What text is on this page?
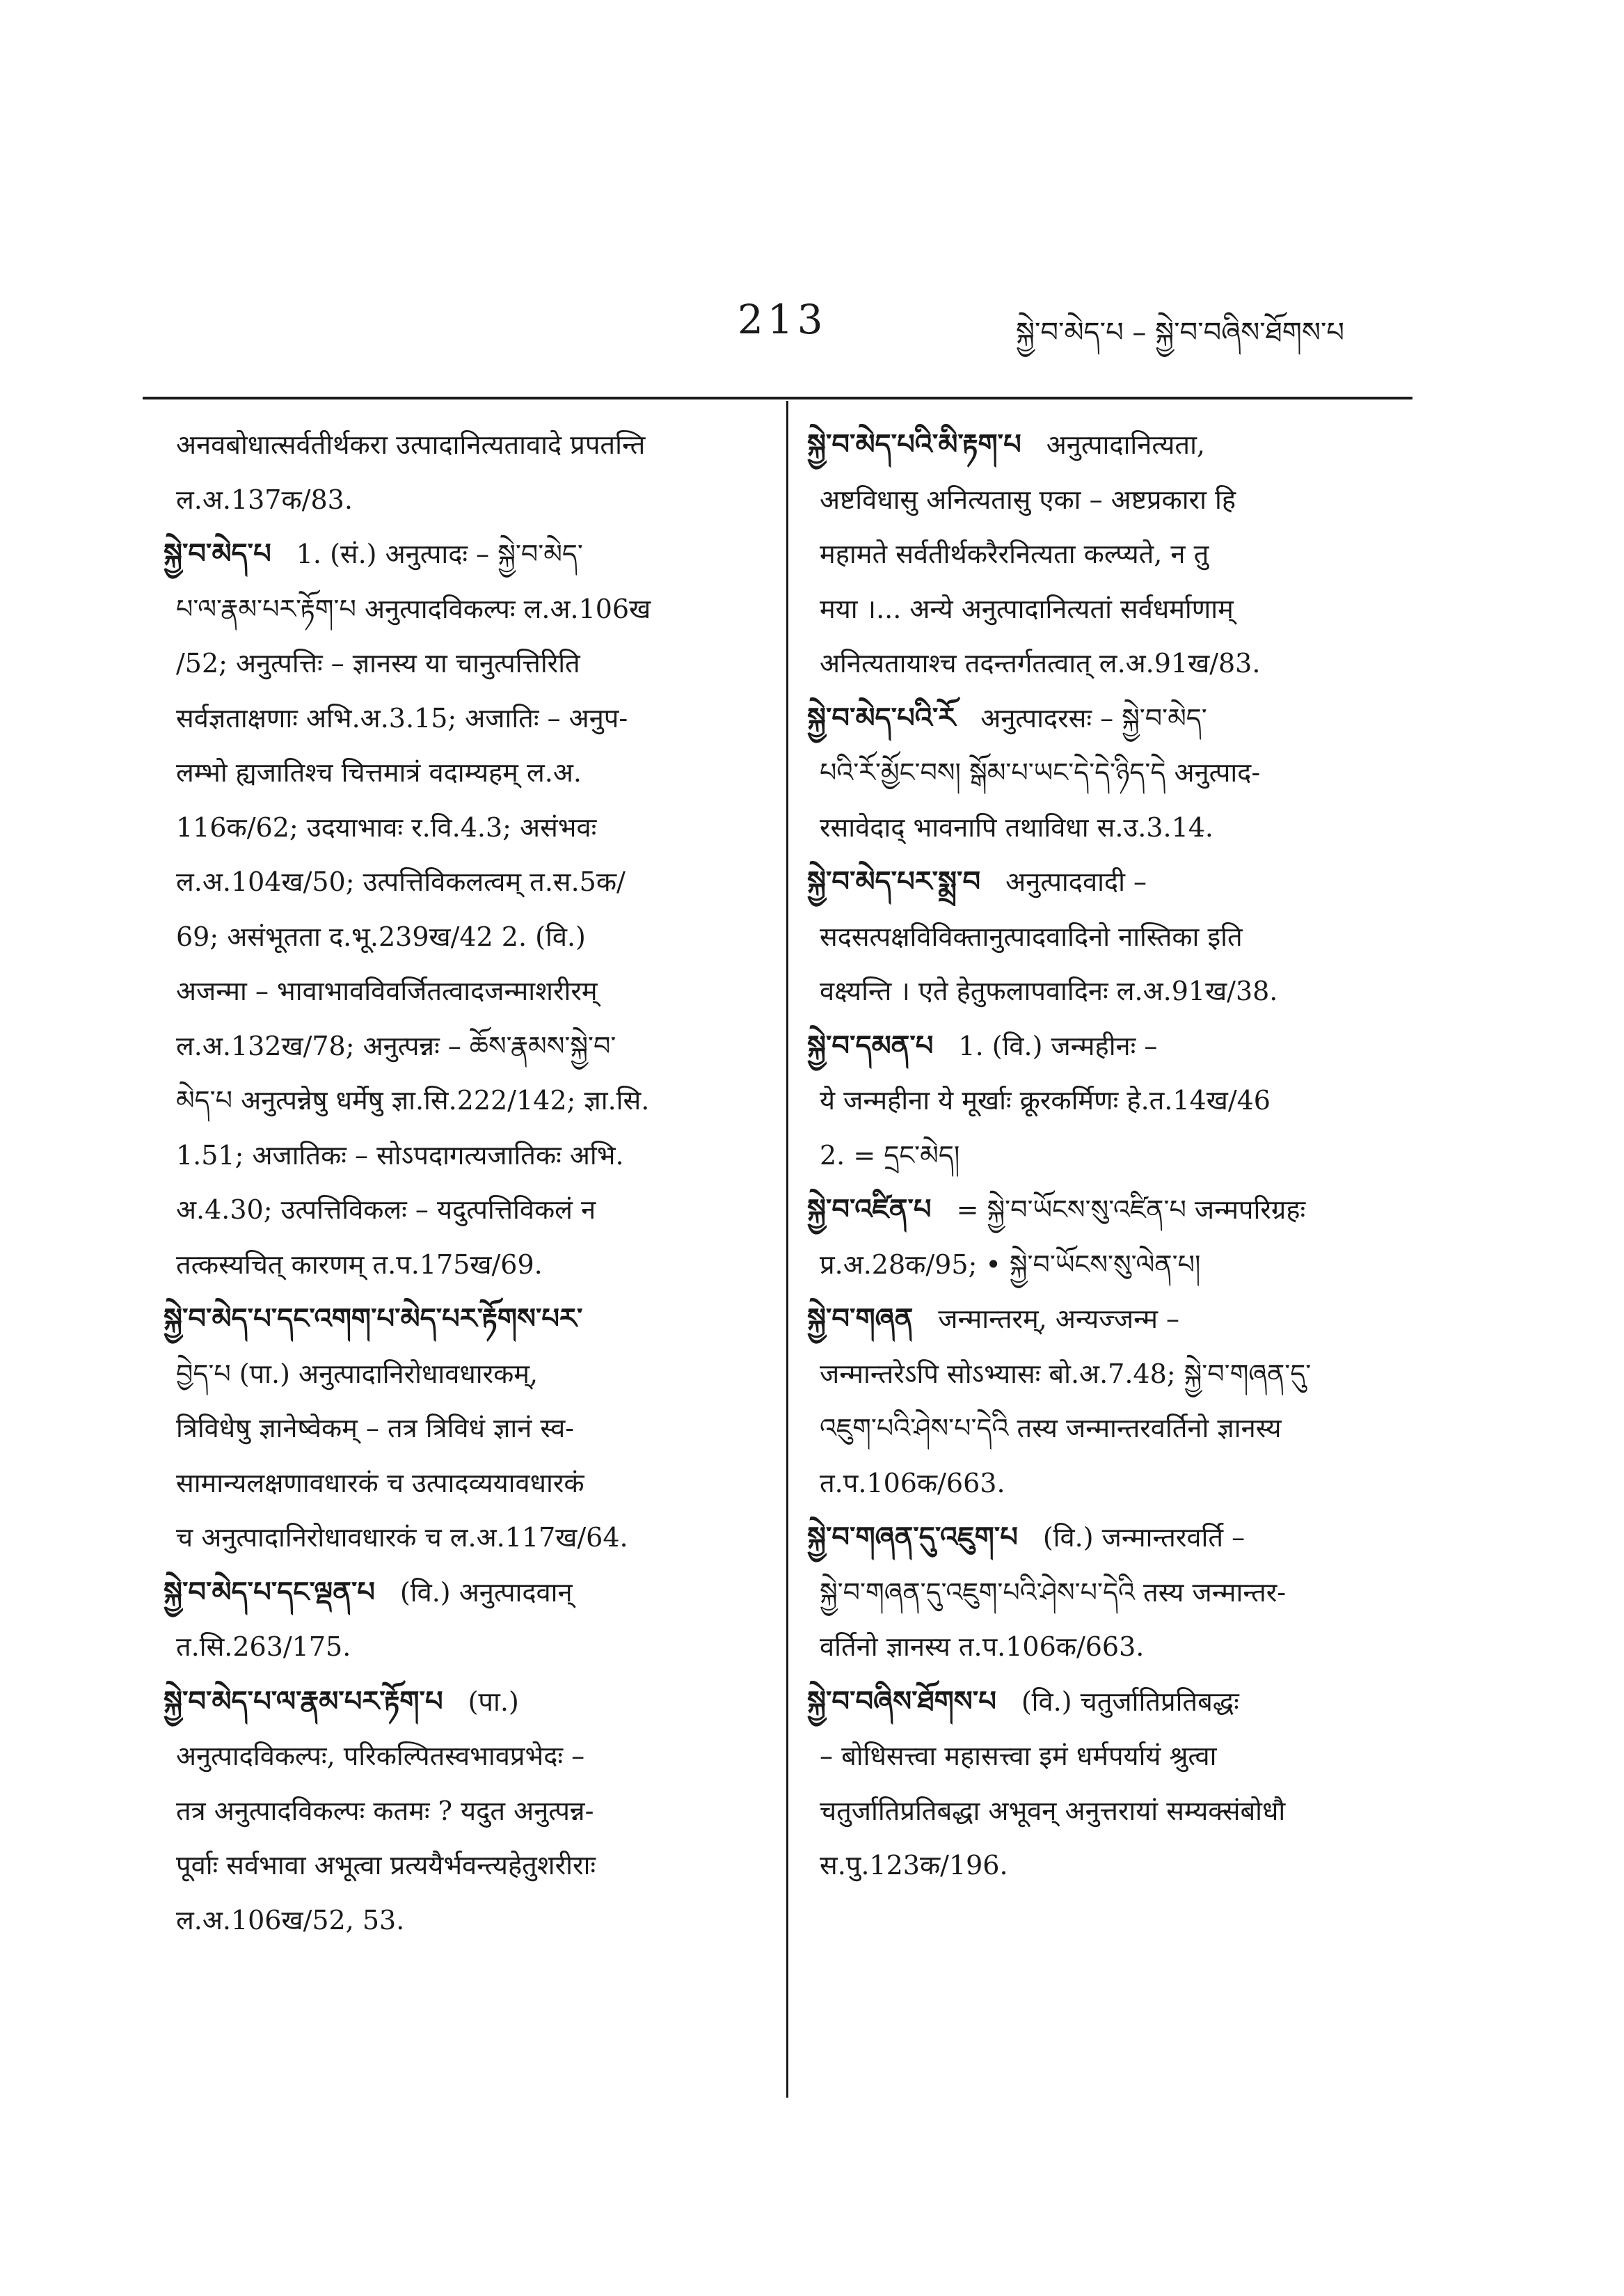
213	སྐྱེ་བ་མེད་པ – སྐྱེ་བ་བཞིས་ཐོགས་པ
अनवबोधात्सर्वतीर्थकरा उत्पादानित्यतावादे प्रपतन्ति
ल.अ.137क/83.
སྐྱེ་བ་མེད་པ 1. (सं.) अनुत्पादः – སྐྱེ་བ་མེད་
པ་ལ་རྣམ་པར་རྟོག་པ अनुत्पादविकल्पः ल.अ.106ख
/52; अनुत्पत्तिः – ज्ञानस्य या चानुत्पत्तिरिति
सर्वज्ञताक्षणाः अभि.अ.3.15; अजातिः – अनुप-
लम्भो ह्यजातिश्च चित्तमात्रं वदाम्यहम् ल.अ.
116क/62; उदयाभावः र.वि.4.3; असंभवः
ल.अ.104ख/50; उत्पत्तिविकलत्वम् त.स.5क/
69; असंभूतता द.भू.239ख/42 2. (वि.)
अजन्मा – भावाभावविवर्जितत्वादजन्माशरीरम्
ल.अ.132ख/78; अनुत्पन्नः – ཆོས་རྣམས་སྐྱེ་བ་
མེད་པ अनुत्पन्नेषु धर्मेषु ज्ञा.सि.222/142; ज्ञा.सि.
1.51; अजातिकः – सोऽपदागत्यजातिकः अभि.
अ.4.30; उत्पत्तिविकलः – यदुत्पत्तिविकलं न
तत्कस्यचित् कारणम् त.प.175ख/69.
སྐྱེ་བ་མེད་པ་དང་འགག་པ་མེད་པར་རྟོགས་པར་
བྱེད་པ (पा.) अनुत्पादानिरोधावधारकम्,
त्रिविधेषु ज्ञानेष्वेकम् – तत्र त्रिविधं ज्ञानं स्व-
सामान्यलक्षणावधारकं च उत्पादव्ययावधारकं
च अनुत्पादानिरोधावधारकं च ल.अ.117ख/64.
སྐྱེ་བ་མེད་པ་དང་ལྡན་པ (वि.) अनुत्पादवान्
त.सि.263/175.
སྐྱེ་བ་མེད་པ་ལ་རྣམ་པར་རྟོག་པ (पा.)
अनुत्पादविकल्पः, परिकल्पितस्वभावप्रभेदः –
तत्र अनुत्पादविकल्पः कतमः ? यदुत अनुत्पन्न-
पूर्वाः सर्वभावा अभूत्वा प्रत्ययैर्भवन्त्यहेतुशरीराः
ल.अ.106ख/52, 53.
སྐྱེ་བ་མེད་པའི་མི་རྟག་པ अनुत्पादानित्यता,
अष्टविधासु अनित्यतासु एका – अष्टप्रकारा हि
महामते सर्वतीर्थकरैरनित्यता कल्प्यते, न तु
मया ।... अन्ये अनुत्पादानित्यतां सर्वधर्माणाम्
अनित्यतायाश्च तदन्तर्गतत्वात् ल.अ.91ख/83.
སྐྱེ་བ་མེད་པའི་རོ अनुत्पादरसः – སྐྱེ་བ་མེད་
པའི་རོ་མྱོང་བས། སྒོམ་པ་ཡང་དེ་དེ་ཉིད་དེ अनुत्पाद-
रसावेदाद् भावनापि तथाविधा स.उ.3.14.
སྐྱེ་བ་མེད་པར་སྨྲ་བ अनुत्पादवादी –
सदसत्पक्षविविक्तानुत्पादवादिनो नास्तिका इति
वक्ष्यन्ति । एते हेतुफलापवादिनः ल.अ.91ख/38.
སྐྱེ་བ་དམན་པ 1. (वि.) जन्महीनः –
ये जन्महीना ये मूर्खाः क्रूरकर्मिणः हे.त.14ख/46
2. = དྲང་མེད།
སྐྱེ་བ་འཛིན་པ = སྐྱེ་བ་ཡོངས་སུ་འཛིན་པ जन्मपरिग्रहः
प्र.अ.28क/95; • སྐྱེ་བ་ཡོངས་སུ་ལེན་པ།
སྐྱེ་བ་གཞན जन्मान्तरम्, अन्यज्जन्म –
जन्मान्तरेऽपि सोऽभ्यासः बो.अ.7.48; སྐྱེ་བ་གཞན་དུ་
འཇུག་པའི་ཤེས་པ་དེའི तस्य जन्मान्तरवर्तिनो ज्ञानस्य
त.प.106क/663.
སྐྱེ་བ་གཞན་དུ་འཇུག་པ (वि.) जन्मान्तरवर्ति –
སྐྱེ་བ་གཞན་དུ་འཇུག་པའི་ཤེས་པ་དེའི तस्य जन्मान्तर-
वर्तिनो ज्ञानस्य त.प.106क/663.
སྐྱེ་བ་བཞིས་ཐོགས་པ (वि.) चतुर्जातिप्रतिबद्धः
– बोधिसत्त्वा महासत्त्वा इमं धर्मपर्यायं श्रुत्वा
चतुर्जातिप्रतिबद्धा अभूवन् अनुत्तरायां सम्यक्संबोधौ
स.पु.123क/196.
